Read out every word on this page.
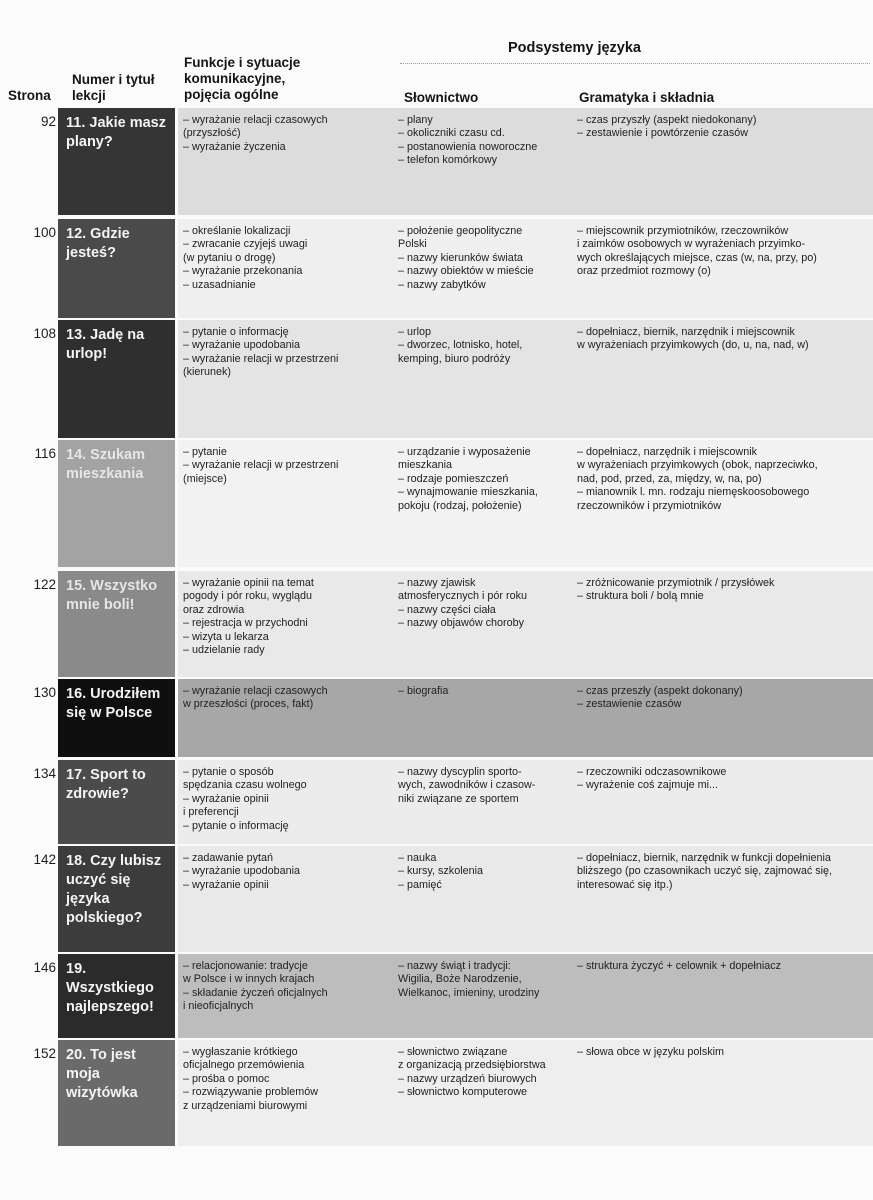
Strona
Numer i tytuł
lekcji
Funkcje i sytuacje
komunikacyjne,
pojęcia ogólne
Podsystemy języka
Słownictwo	Gramatyka i składnia
92 11. Jakie masz plany?
– wyrażanie relacji czasowych
(przyszłość)
– wyrażanie życzenia
– plany
– okoliczniki czasu cd.
– postanowienia noworoczne
– telefon komórkowy
– czas przyszły (aspekt niedokonany)
– zestawienie i powtórzenie czasów
100 12. Gdzie jesteś?
– określanie lokalizacji
– zwracanie czyjejś uwagi
(w pytaniu o drogę)
– wyrażanie przekonania
– uzasadnianie
– położenie geopolityczne
Polski
– nazwy kierunków świata
– nazwy obiektów w mieście
– nazwy zabytków
– miejscownik przymiotników, rzeczowników
i zaimków osobowych w wyrażeniach przyimko-
wych określających miejsce, czas (w, na, przy, po)
oraz przedmiot rozmowy (o)
108 13. Jadę na urlop!
– pytanie o informację
– wyrażanie upodobania
– wyrażanie relacji w przestrzeni
(kierunek)
– urlop
– dworzec, lotnisko, hotel,
kemping, biuro podróży
– dopełniacz, biernik, narzędnik i miejscownik
w wyrażeniach przyimkowych (do, u, na, nad, w)
116 14. Szukam mieszkania
– pytanie
– wyrażanie relacji w przestrzeni
(miejsce)
– urządzanie i wyposażenie
mieszkania
– rodzaje pomieszczeń
– wynajmowanie mieszkania,
pokoju (rodzaj, położenie)
– dopełniacz, narzędnik i miejscownik
w wyrażeniach przyimkowych (obok, naprzeciwko,
nad, pod, przed, za, między, w, na, po)
– mianownik l. mn. rodzaju niemęskoosobowego
rzeczowników i przymiotników
122 15. Wszystko mnie boli!
– wyrażanie opinii na temat
pogody i pór roku, wyglądu
oraz zdrowia
– rejestracja w przychodni
– wizyta u lekarza
– udzielanie rady
– nazwy zjawisk
atmosferycznych i pór roku
– nazwy części ciała
– nazwy objawów choroby
– zróżnicowanie przymiotnik / przysłówek
– struktura boli / bolą mnie
130 16. Urodziłem się w Polsce
– wyrażanie relacji czasowych
w przeszłości (proces, fakt)
– biografia	– czas przeszły (aspekt dokonany)
– zestawienie czasów
134 17. Sport to zdrowie?
– pytanie o sposób
spędzania czasu wolnego
– wyrażanie opinii
i preferencji
– pytanie o informację
– nazwy dyscyplin sporto-
wych, zawodników i czasow-
niki związane ze sportem
– rzeczowniki odczasownikowe
– wyrażenie coś zajmuje mi...
142 18. Czy lubisz uczyć się języka polskiego?
– zadawanie pytań
– wyrażanie upodobania
– wyrażanie opinii
– nauka
– kursy, szkolenia
– pamięć
– dopełniacz, biernik, narzędnik w funkcji dopełnienia
bliższego (po czasownikach uczyć się, zajmować się,
interesować się itp.)
146 19. Wszystkiego najlepszego!
– relacjonowanie: tradycje
w Polsce i w innych krajach
– składanie życzeń oficjalnych
i nieoficjalnych
– nazwy świąt i tradycji:
Wigilia, Boże Narodzenie,
Wielkanoc, imieniny, urodziny
– struktura życzyć + celownik + dopełniacz
152 20. To jest moja wizytówka
– wygłaszanie krótkiego
oficjalnego przemówienia
– prośba o pomoc
– rozwiązywanie problemów
z urządzeniami biurowymi
– słownictwo związane
z organizacją przedsiębiorstwa
– nazwy urządzeń biurowych
– słownictwo komputerowe
– słowa obce w języku polskim
